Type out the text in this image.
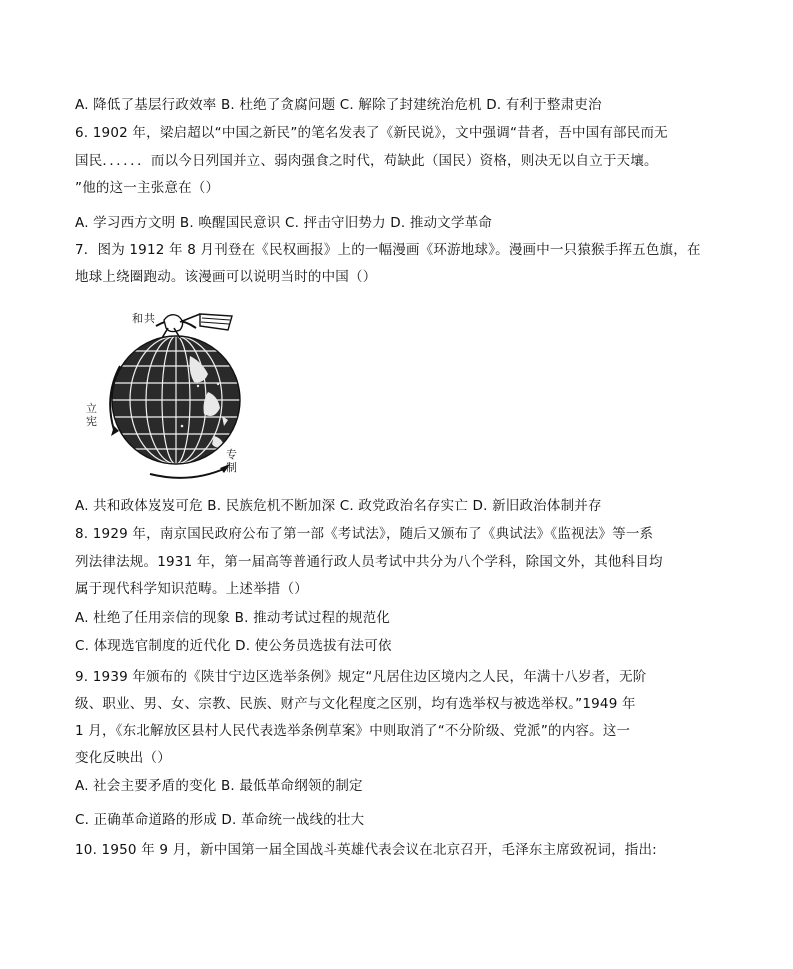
A. 降低了基层行政效率 B. 杜绝了贪腐问题 C. 解除了封建统治危机 D. 有利于整肃吏治
6. 1902 年，梁启超以“中国之新民”的笔名发表了《新民说》，文中强调“昔者，吾中国有部民而无
国民．．．．．．而以今日列国并立、弱肉强食之时代，苟缺此（国民）资格，则决无以自立于天壤。
”他的这一主张意在（）
A. 学习西方文明 B. 唤醒国民意识 C. 抨击守旧势力 D. 推动文学革命
7．图为 1912 年 8 月刊登在《民权画报》上的一幅漫画《环游地球》。漫画中一只猿猴手挥五色旗，在
地球上绕圈跑动。该漫画可以说明当时的中国（）
和共
立宪
专制
A. 共和政体岌岌可危 B. 民族危机不断加深 C. 政党政治名存实亡 D. 新旧政治体制并存
8. 1929 年，南京国民政府公布了第一部《考试法》，随后又颁布了《典试法》《监视法》等一系
列法律法规。1931 年，第一届高等普通行政人员考试中共分为八个学科，除国文外，其他科目均
属于现代科学知识范畴。上述举措（）
A. 杜绝了任用亲信的现象 B. 推动考试过程的规范化
C. 体现选官制度的近代化 D. 使公务员选拔有法可依
9. 1939 年颁布的《陕甘宁边区选举条例》规定“凡居住边区境内之人民，年满十八岁者，无阶
级、职业、男、女、宗教、民族、财产与文化程度之区别，均有选举权与被选举权。”1949 年
1 月，《东北解放区县村人民代表选举条例草案》中则取消了“不分阶级、党派”的内容。这一
变化反映出（）
A. 社会主要矛盾的变化 B. 最低革命纲领的制定
C. 正确革命道路的形成 D. 革命统一战线的壮大
10. 1950 年 9 月，新中国第一届全国战斗英雄代表会议在北京召开，毛泽东主席致祝词，指出:
